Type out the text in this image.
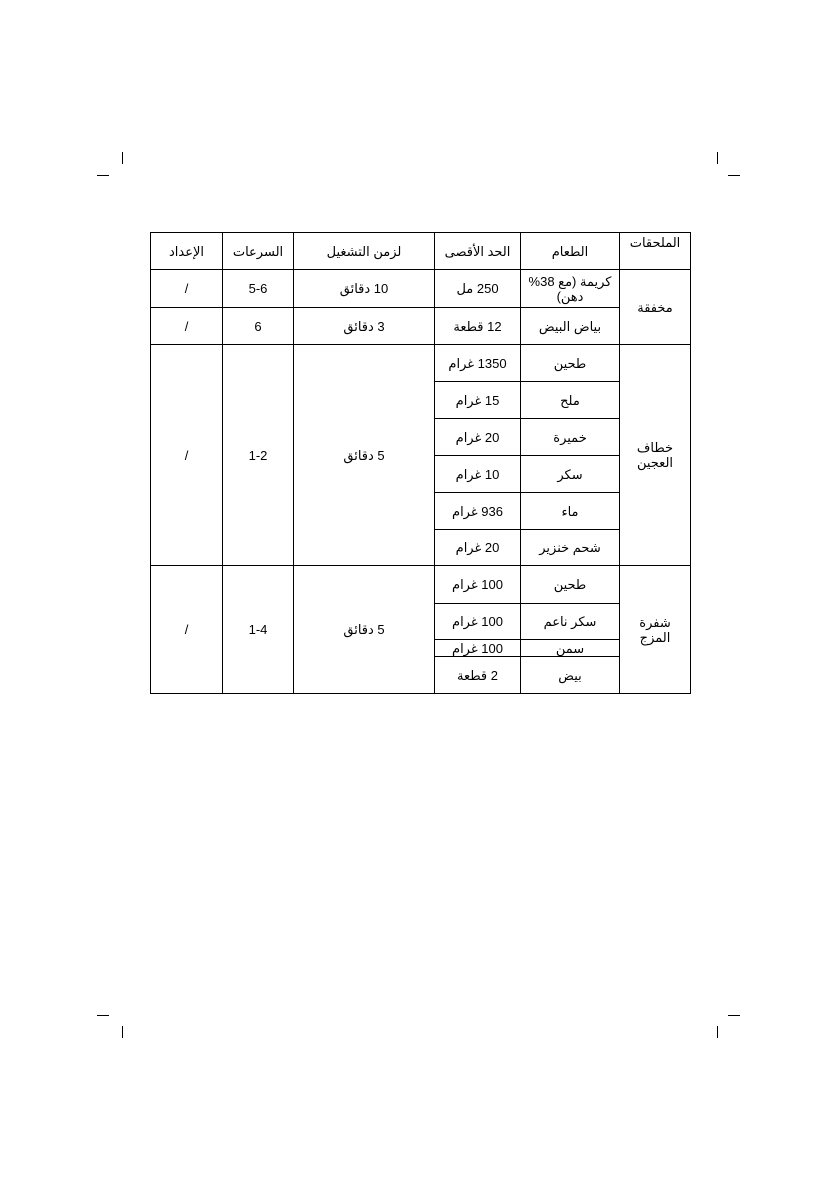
الملحقات	الطعام	الحد الأقصى	لزمن التشغيل	السرعات	الإعداد
مخفقة	كريمة (مع 38% دهن)	250 مل	10 دقائق	5-6	/
	بياض البيض	12 قطعة	3 دقائق	6	/
خطاف العجين	طحين	1350 غرام	5 دقائق	1-2	/
	ملح	15 غرام			
	خميرة	20 غرام			
	سكر	10 غرام			
	ماء	936 غرام			
	شحم خنزير	20 غرام			
شفرة المزج	طحين	100 غرام	5 دقائق	1-4	/
	سكر ناعم	100 غرام			
	سمن	100 غرام			
	بيض	2 قطعة			
